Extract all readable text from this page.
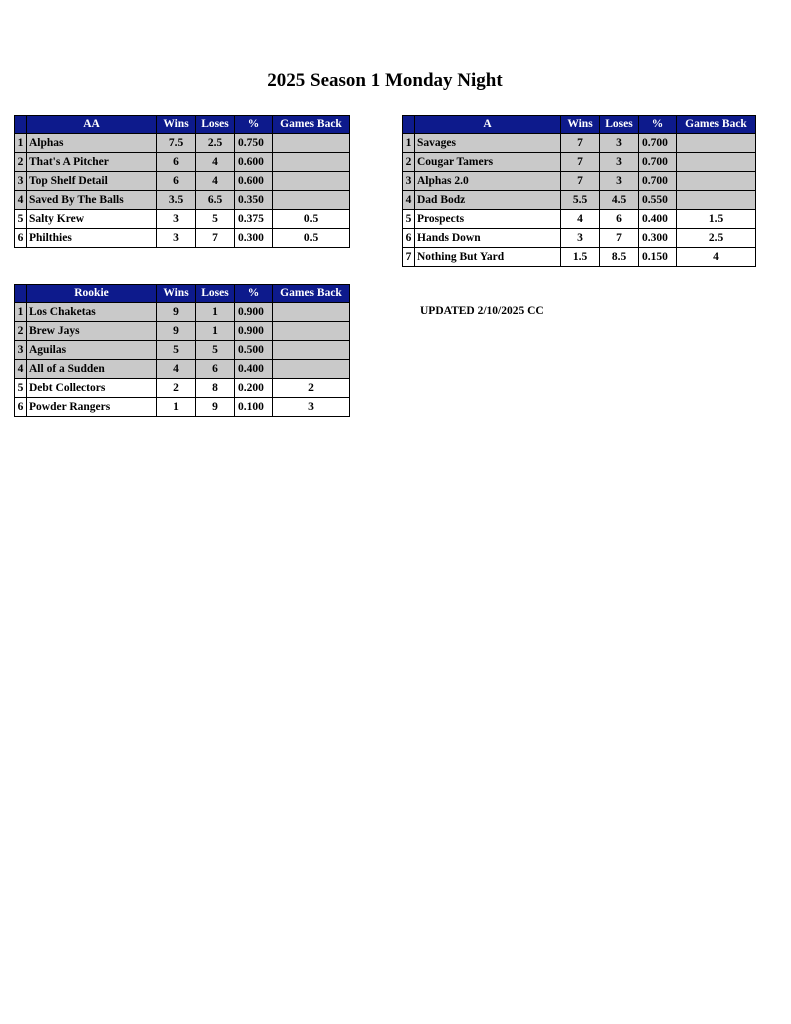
2025 Season 1 Monday Night
	AA	Wins	Loses	%	Games Back
1	Alphas	7.5	2.5	0.750	
2	That's A Pitcher	6	4	0.600	
3	Top Shelf Detail	6	4	0.600	
4	Saved By The Balls	3.5	6.5	0.350	
5	Salty Krew	3	5	0.375	0.5
6	Philthies	3	7	0.300	0.5
	A	Wins	Loses	%	Games Back
1	Savages	7	3	0.700	
2	Cougar Tamers	7	3	0.700	
3	Alphas 2.0	7	3	0.700	
4	Dad Bodz	5.5	4.5	0.550	
5	Prospects	4	6	0.400	1.5
6	Hands Down	3	7	0.300	2.5
7	Nothing But Yard	1.5	8.5	0.150	4
	Rookie	Wins	Loses	%	Games Back
1	Los Chaketas	9	1	0.900	
2	Brew Jays	9	1	0.900	
3	Aguilas	5	5	0.500	
4	All of a Sudden	4	6	0.400	
5	Debt Collectors	2	8	0.200	2
6	Powder Rangers	1	9	0.100	3
UPDATED 2/10/2025 CC
